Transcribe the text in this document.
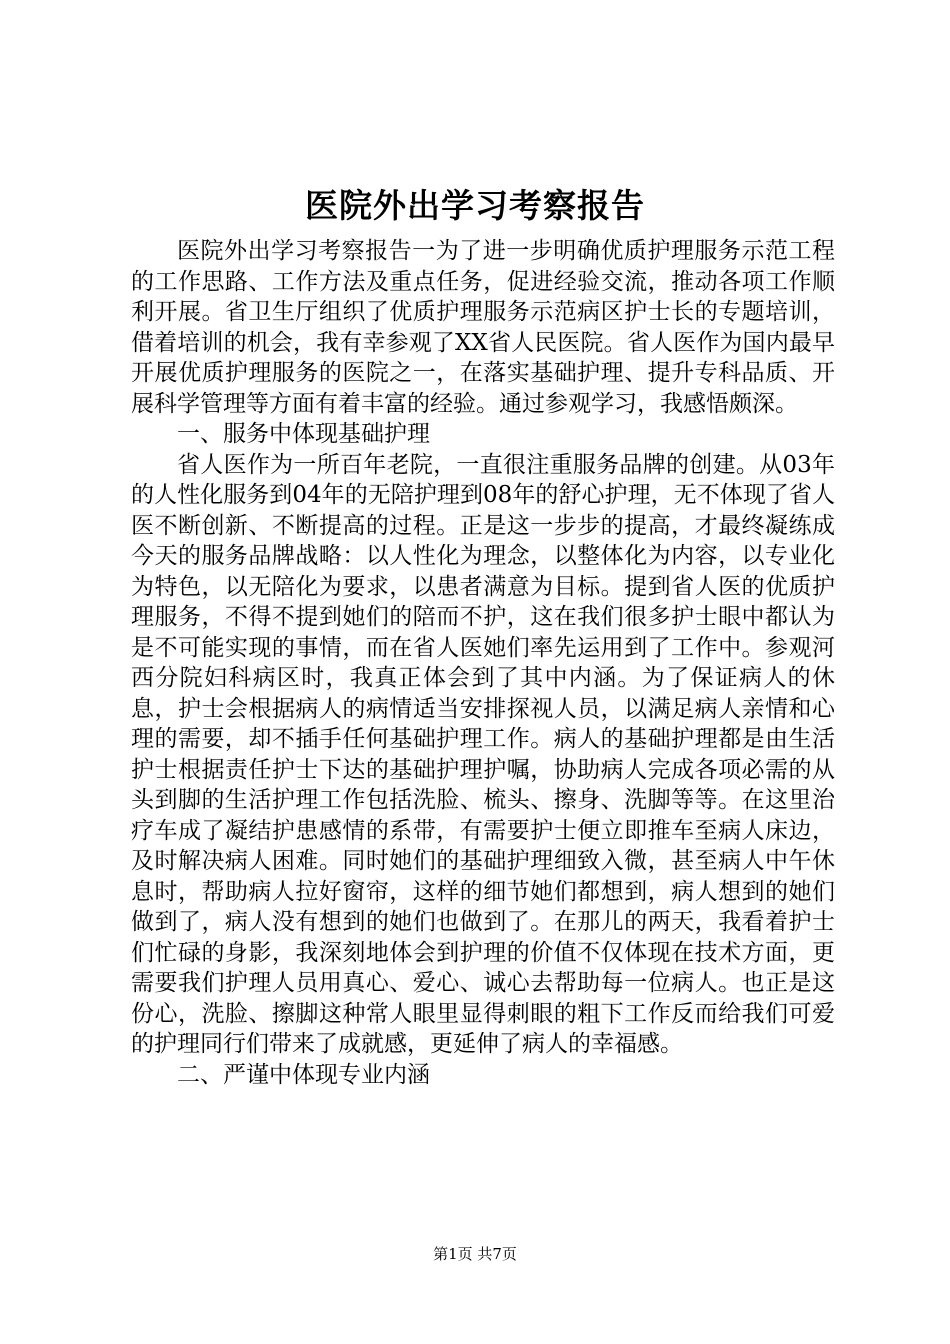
医院外出学习考察报告

医院外出学习考察报告一为了进一步明确优质护理服务示范工程的工作思路、工作方法及重点任务，促进经验交流，推动各项工作顺利开展。省卫生厅组织了优质护理服务示范病区护士长的专题培训，借着培训的机会，我有幸参观了XX省人民医院。省人医作为国内最早开展优质护理服务的医院之一，在落实基础护理、提升专科品质、开展科学管理等方面有着丰富的经验。通过参观学习，我感悟颇深。

一、服务中体现基础护理

省人医作为一所百年老院，一直很注重服务品牌的创建。从03年的人性化服务到04年的无陪护理到08年的舒心护理，无不体现了省人医不断创新、不断提高的过程。正是这一步步的提高，才最终凝练成今天的服务品牌战略：以人性化为理念，以整体化为内容，以专业化为特色，以无陪化为要求，以患者满意为目标。提到省人医的优质护理服务，不得不提到她们的陪而不护，这在我们很多护士眼中都认为是不可能实现的事情，而在省人医她们率先运用到了工作中。参观河西分院妇科病区时，我真正体会到了其中内涵。为了保证病人的休息，护士会根据病人的病情适当安排探视人员，以满足病人亲情和心理的需要，却不插手任何基础护理工作。病人的基础护理都是由生活护士根据责任护士下达的基础护理护嘱，协助病人完成各项必需的从头到脚的生活护理工作包括洗脸、梳头、擦身、洗脚等等。在这里治疗车成了凝结护患感情的系带，有需要护士便立即推车至病人床边，及时解决病人困难。同时她们的基础护理细致入微，甚至病人中午休息时，帮助病人拉好窗帘，这样的细节她们都想到，病人想到的她们做到了，病人没有想到的她们也做到了。在那儿的两天，我看着护士们忙碌的身影，我深刻地体会到护理的价值不仅体现在技术方面，更需要我们护理人员用真心、爱心、诚心去帮助每一位病人。也正是这份心，洗脸、擦脚这种常人眼里显得刺眼的粗下工作反而给我们可爱的护理同行们带来了成就感，更延伸了病人的幸福感。

二、严谨中体现专业内涵

第1页 共7页
